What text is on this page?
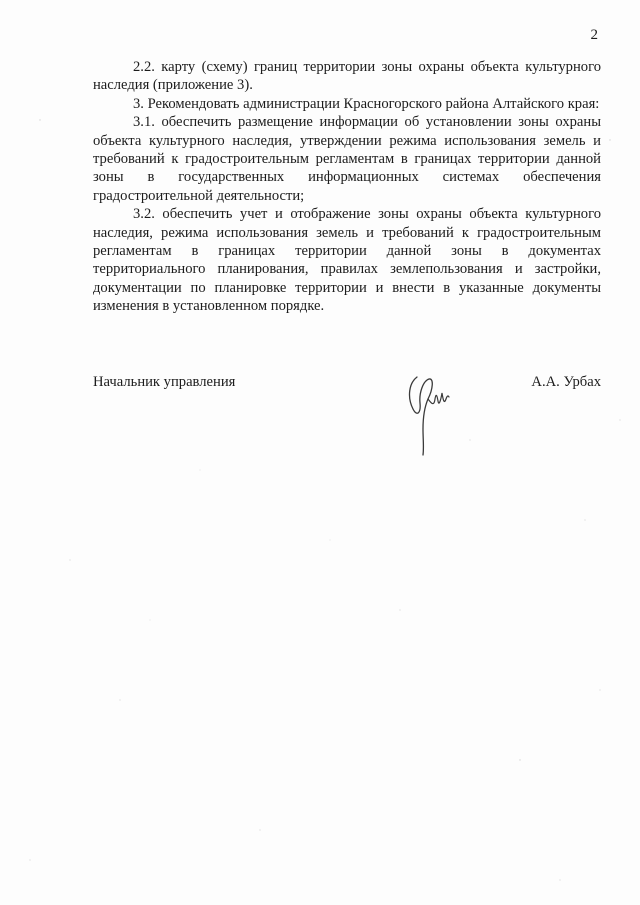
2

2.2. карту (схему) границ территории зоны охраны объекта культурного наследия (приложение 3).

3. Рекомендовать администрации Красногорского района Алтайского края:

3.1. обеспечить размещение информации об установлении зоны охраны объекта культурного наследия, утверждении режима использования земель и требований к градостроительным регламентам в границах территории данной зоны в государственных информационных системах обеспечения градостроительной деятельности;

3.2. обеспечить учет и отображение зоны охраны объекта культурного наследия, режима использования земель и требований к градостроительным регламентам в границах территории данной зоны в документах территориального планирования, правилах землепользования и застройки, документации по планировке территории и внести в указанные документы изменения в установленном порядке.

Начальник управления	А.А. Урбах
